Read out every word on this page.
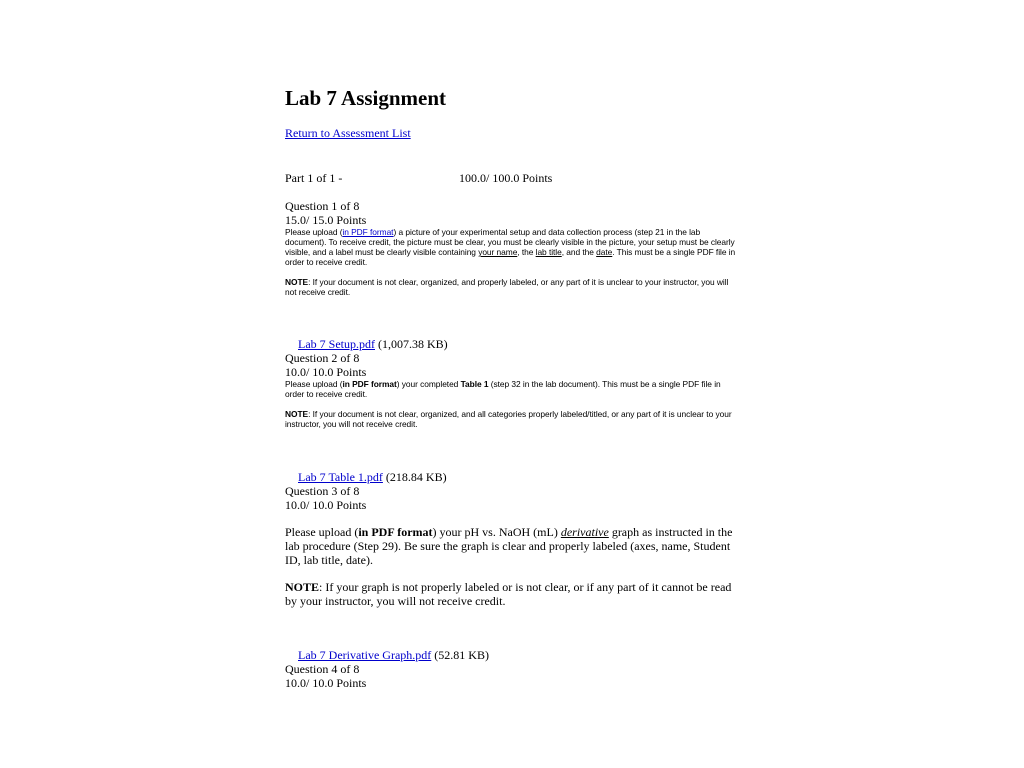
Lab 7 Assignment
Return to Assessment List
Part 1 of 1 -	100.0/ 100.0 Points
Question 1 of 8
15.0/ 15.0 Points

Please upload (in PDF format) a picture of your experimental setup and data collection process (step 21 in the lab document). To receive credit, the picture must be clear, you must be clearly visible in the picture, your setup must be clearly visible, and a label must be clearly visible containing your name, the lab title, and the date. This must be a single PDF file in order to receive credit.

NOTE: If your document is not clear, organized, and properly labeled, or any part of it is unclear to your instructor, you will not receive credit.

Lab 7 Setup.pdf (1,007.38 KB)
Question 2 of 8
10.0/ 10.0 Points

Please upload (in PDF format) your completed Table 1 (step 32 in the lab document). This must be a single PDF file in order to receive credit.

NOTE: If your document is not clear, organized, and all categories properly labeled/titled, or any part of it is unclear to your instructor, you will not receive credit.

Lab 7 Table 1.pdf (218.84 KB)
Question 3 of 8
10.0/ 10.0 Points

Please upload (in PDF format) your pH vs. NaOH (mL) derivative graph as instructed in the lab procedure (Step 29). Be sure the graph is clear and properly labeled (axes, name, Student ID, lab title, date).

NOTE: If your graph is not properly labeled or is not clear, or if any part of it cannot be read by your instructor, you will not receive credit.

Lab 7 Derivative Graph.pdf (52.81 KB)
Question 4 of 8
10.0/ 10.0 Points
